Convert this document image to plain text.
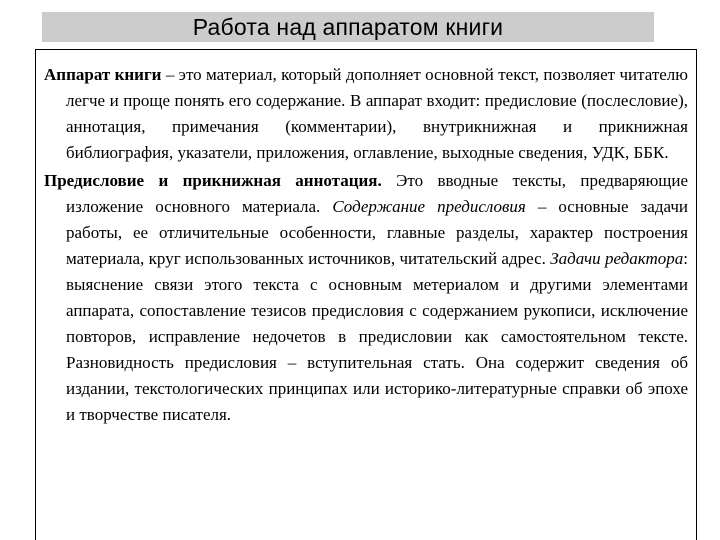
Работа над аппаратом книги

Аппарат книги – это материал, который дополняет основной текст, позволяет читателю легче и проще понять его содержание. В аппарат входит: предисловие (послесловие), аннотация, примечания (комментарии), внутрикнижная и прикнижная библиография, указатели, приложения, оглавление, выходные сведения, УДК, ББК.

Предисловие и прикнижная аннотация. Это вводные тексты, предваряющие изложение основного материала. Содержание предисловия – основные задачи работы, ее отличительные особенности, главные разделы, характер построения материала, круг использованных источников, читательский адрес. Задачи редактора: выяснение связи этого текста с основным метериалом и другими элементами аппарата, сопоставление тезисов предисловия с содержанием рукописи, исключение повторов, исправление недочетов в предисловии как самостоятельном тексте. Разновидность предисловия – вступительная стать. Она содержит сведения об издании, текстологических принципах или историко-литературные справки об эпохе и творчестве писателя.
